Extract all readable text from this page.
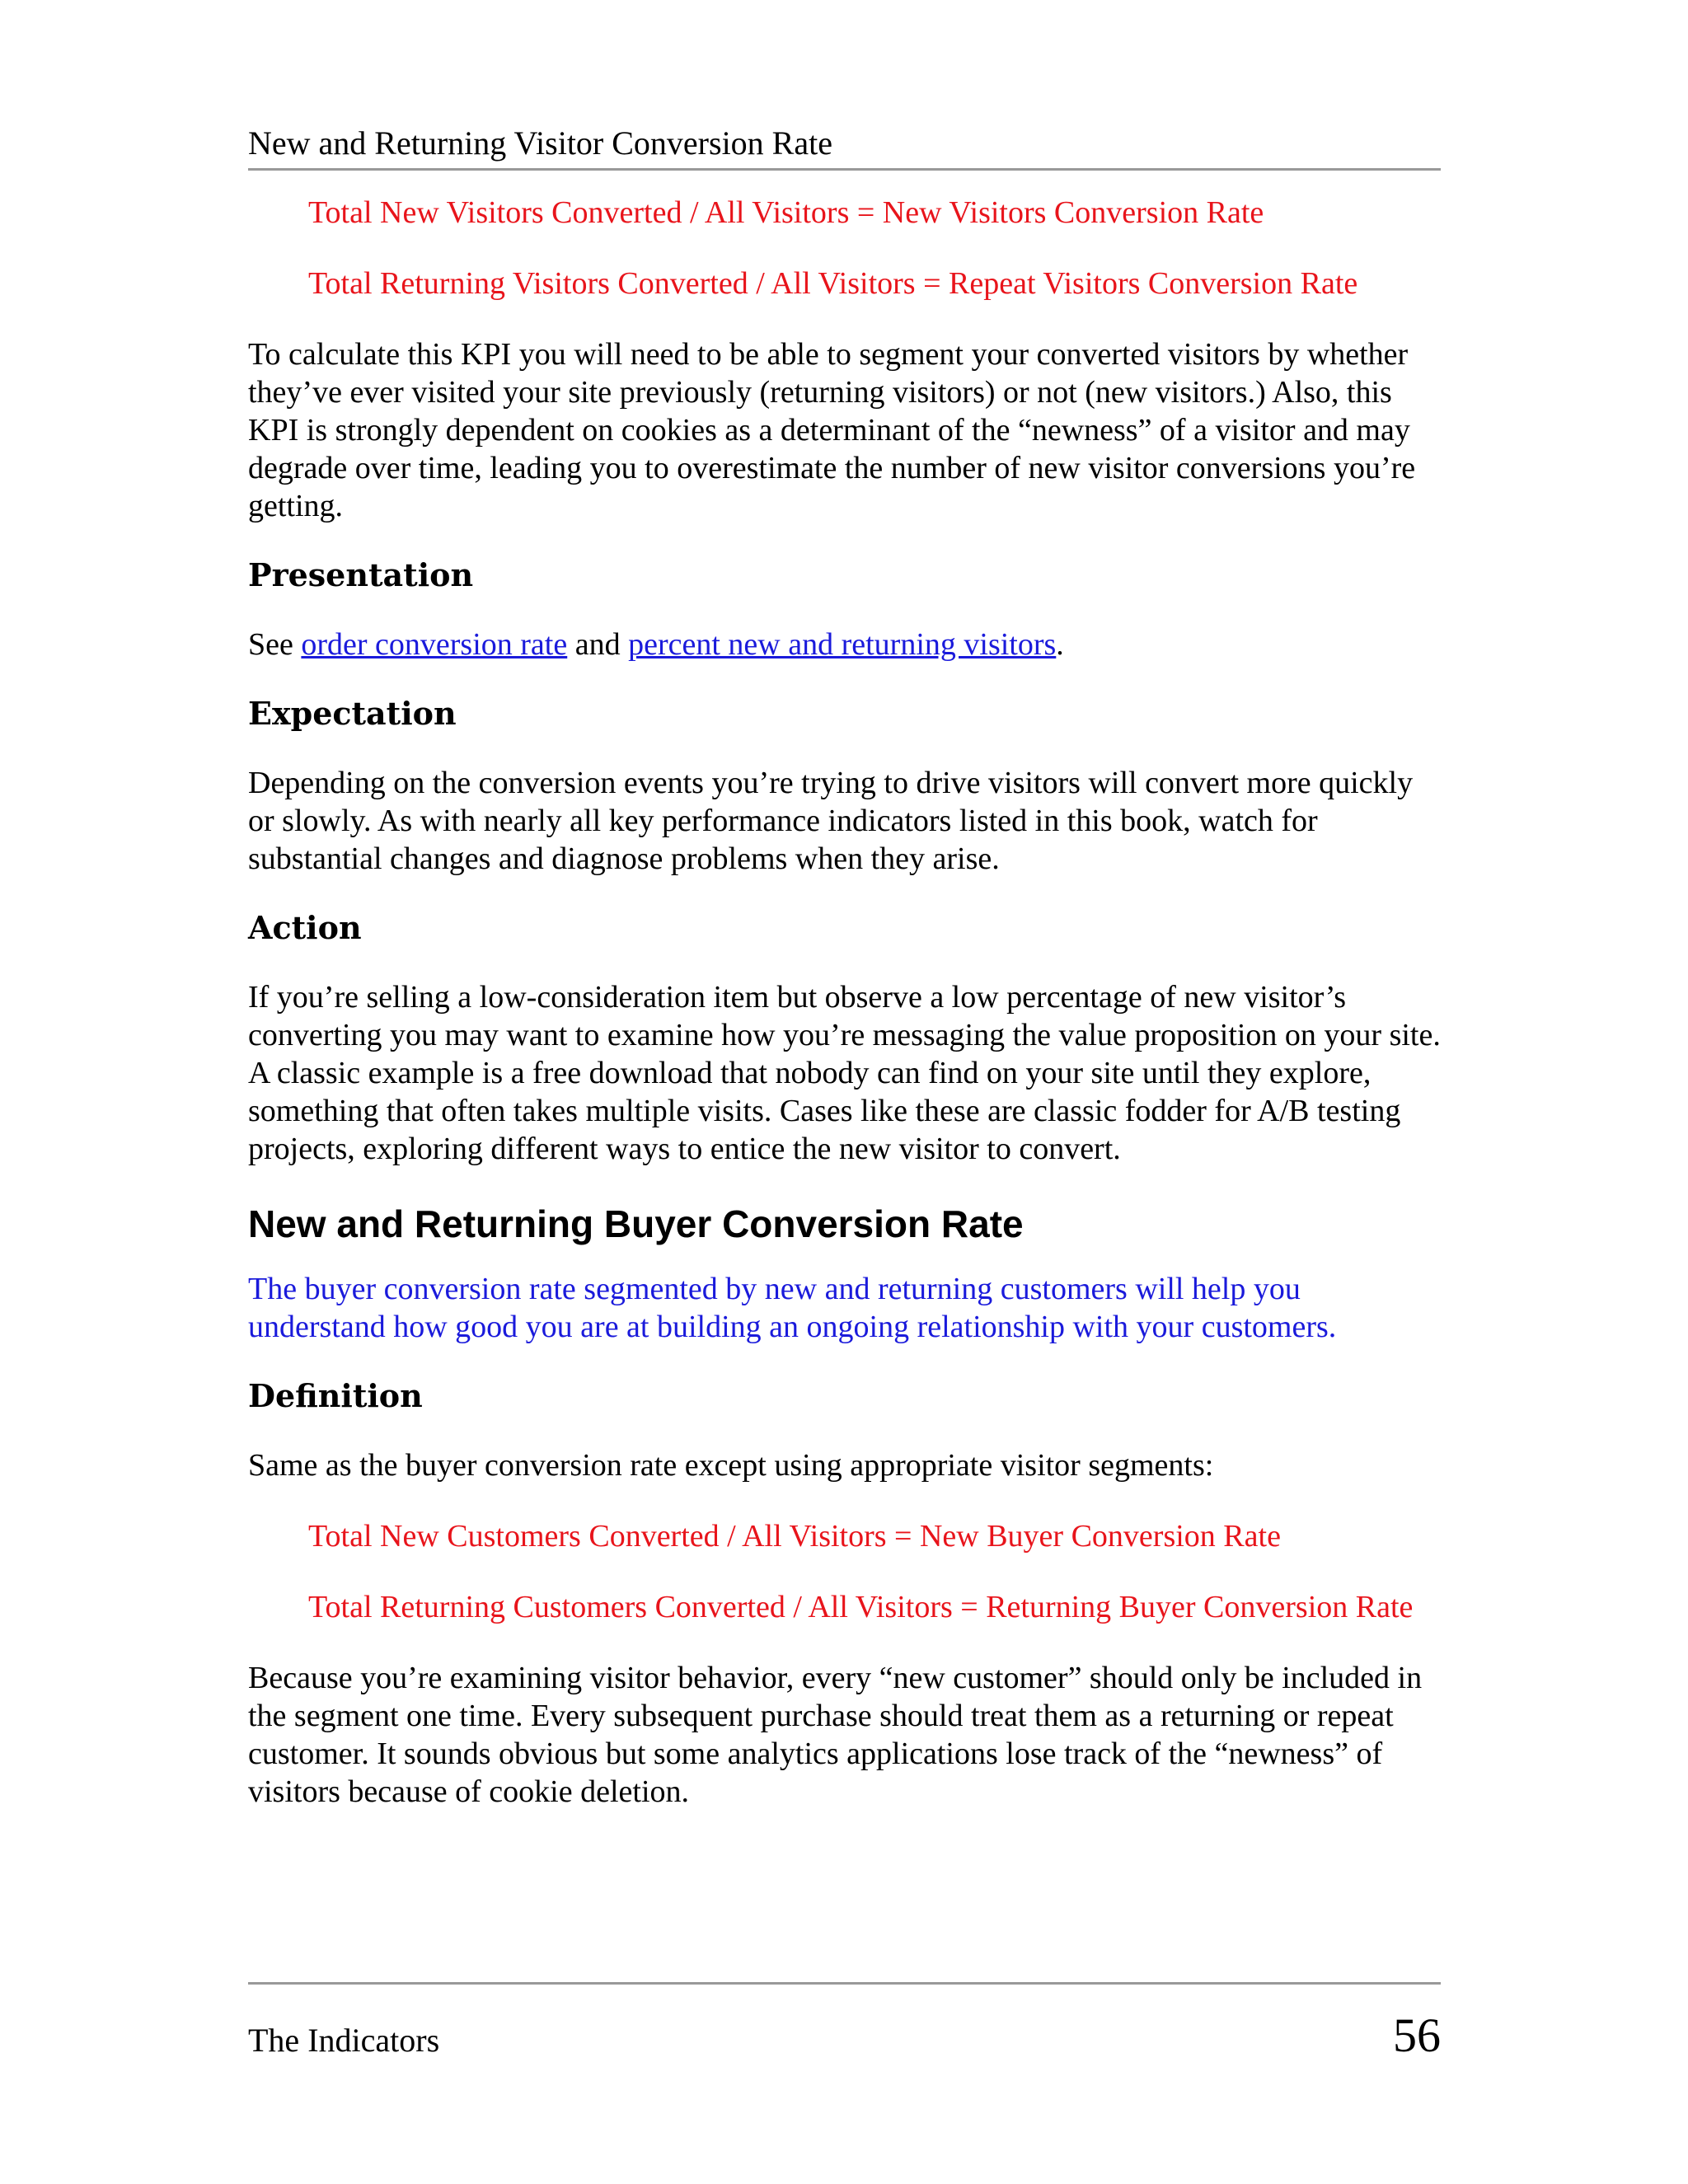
New and Returning Visitor Conversion Rate

Total New Visitors Converted / All Visitors = New Visitors Conversion Rate

Total Returning Visitors Converted / All Visitors = Repeat Visitors Conversion Rate

To calculate this KPI you will need to be able to segment your converted visitors by whether they’ve ever visited your site previously (returning visitors) or not (new visitors.) Also, this KPI is strongly dependent on cookies as a determinant of the “newness” of a visitor and may degrade over time, leading you to overestimate the number of new visitor conversions you’re getting.

Presentation

See order conversion rate and percent new and returning visitors.

Expectation

Depending on the conversion events you’re trying to drive visitors will convert more quickly or slowly. As with nearly all key performance indicators listed in this book, watch for substantial changes and diagnose problems when they arise.

Action

If you’re selling a low-consideration item but observe a low percentage of new visitor’s converting you may want to examine how you’re messaging the value proposition on your site. A classic example is a free download that nobody can find on your site until they explore, something that often takes multiple visits. Cases like these are classic fodder for A/B testing projects, exploring different ways to entice the new visitor to convert.

New and Returning Buyer Conversion Rate

The buyer conversion rate segmented by new and returning customers will help you understand how good you are at building an ongoing relationship with your customers.

Definition

Same as the buyer conversion rate except using appropriate visitor segments:

Total New Customers Converted / All Visitors = New Buyer Conversion Rate

Total Returning Customers Converted / All Visitors = Returning Buyer Conversion Rate

Because you’re examining visitor behavior, every “new customer” should only be included in the segment one time. Every subsequent purchase should treat them as a returning or repeat customer. It sounds obvious but some analytics applications lose track of the “newness” of visitors because of cookie deletion.

The Indicators	56
